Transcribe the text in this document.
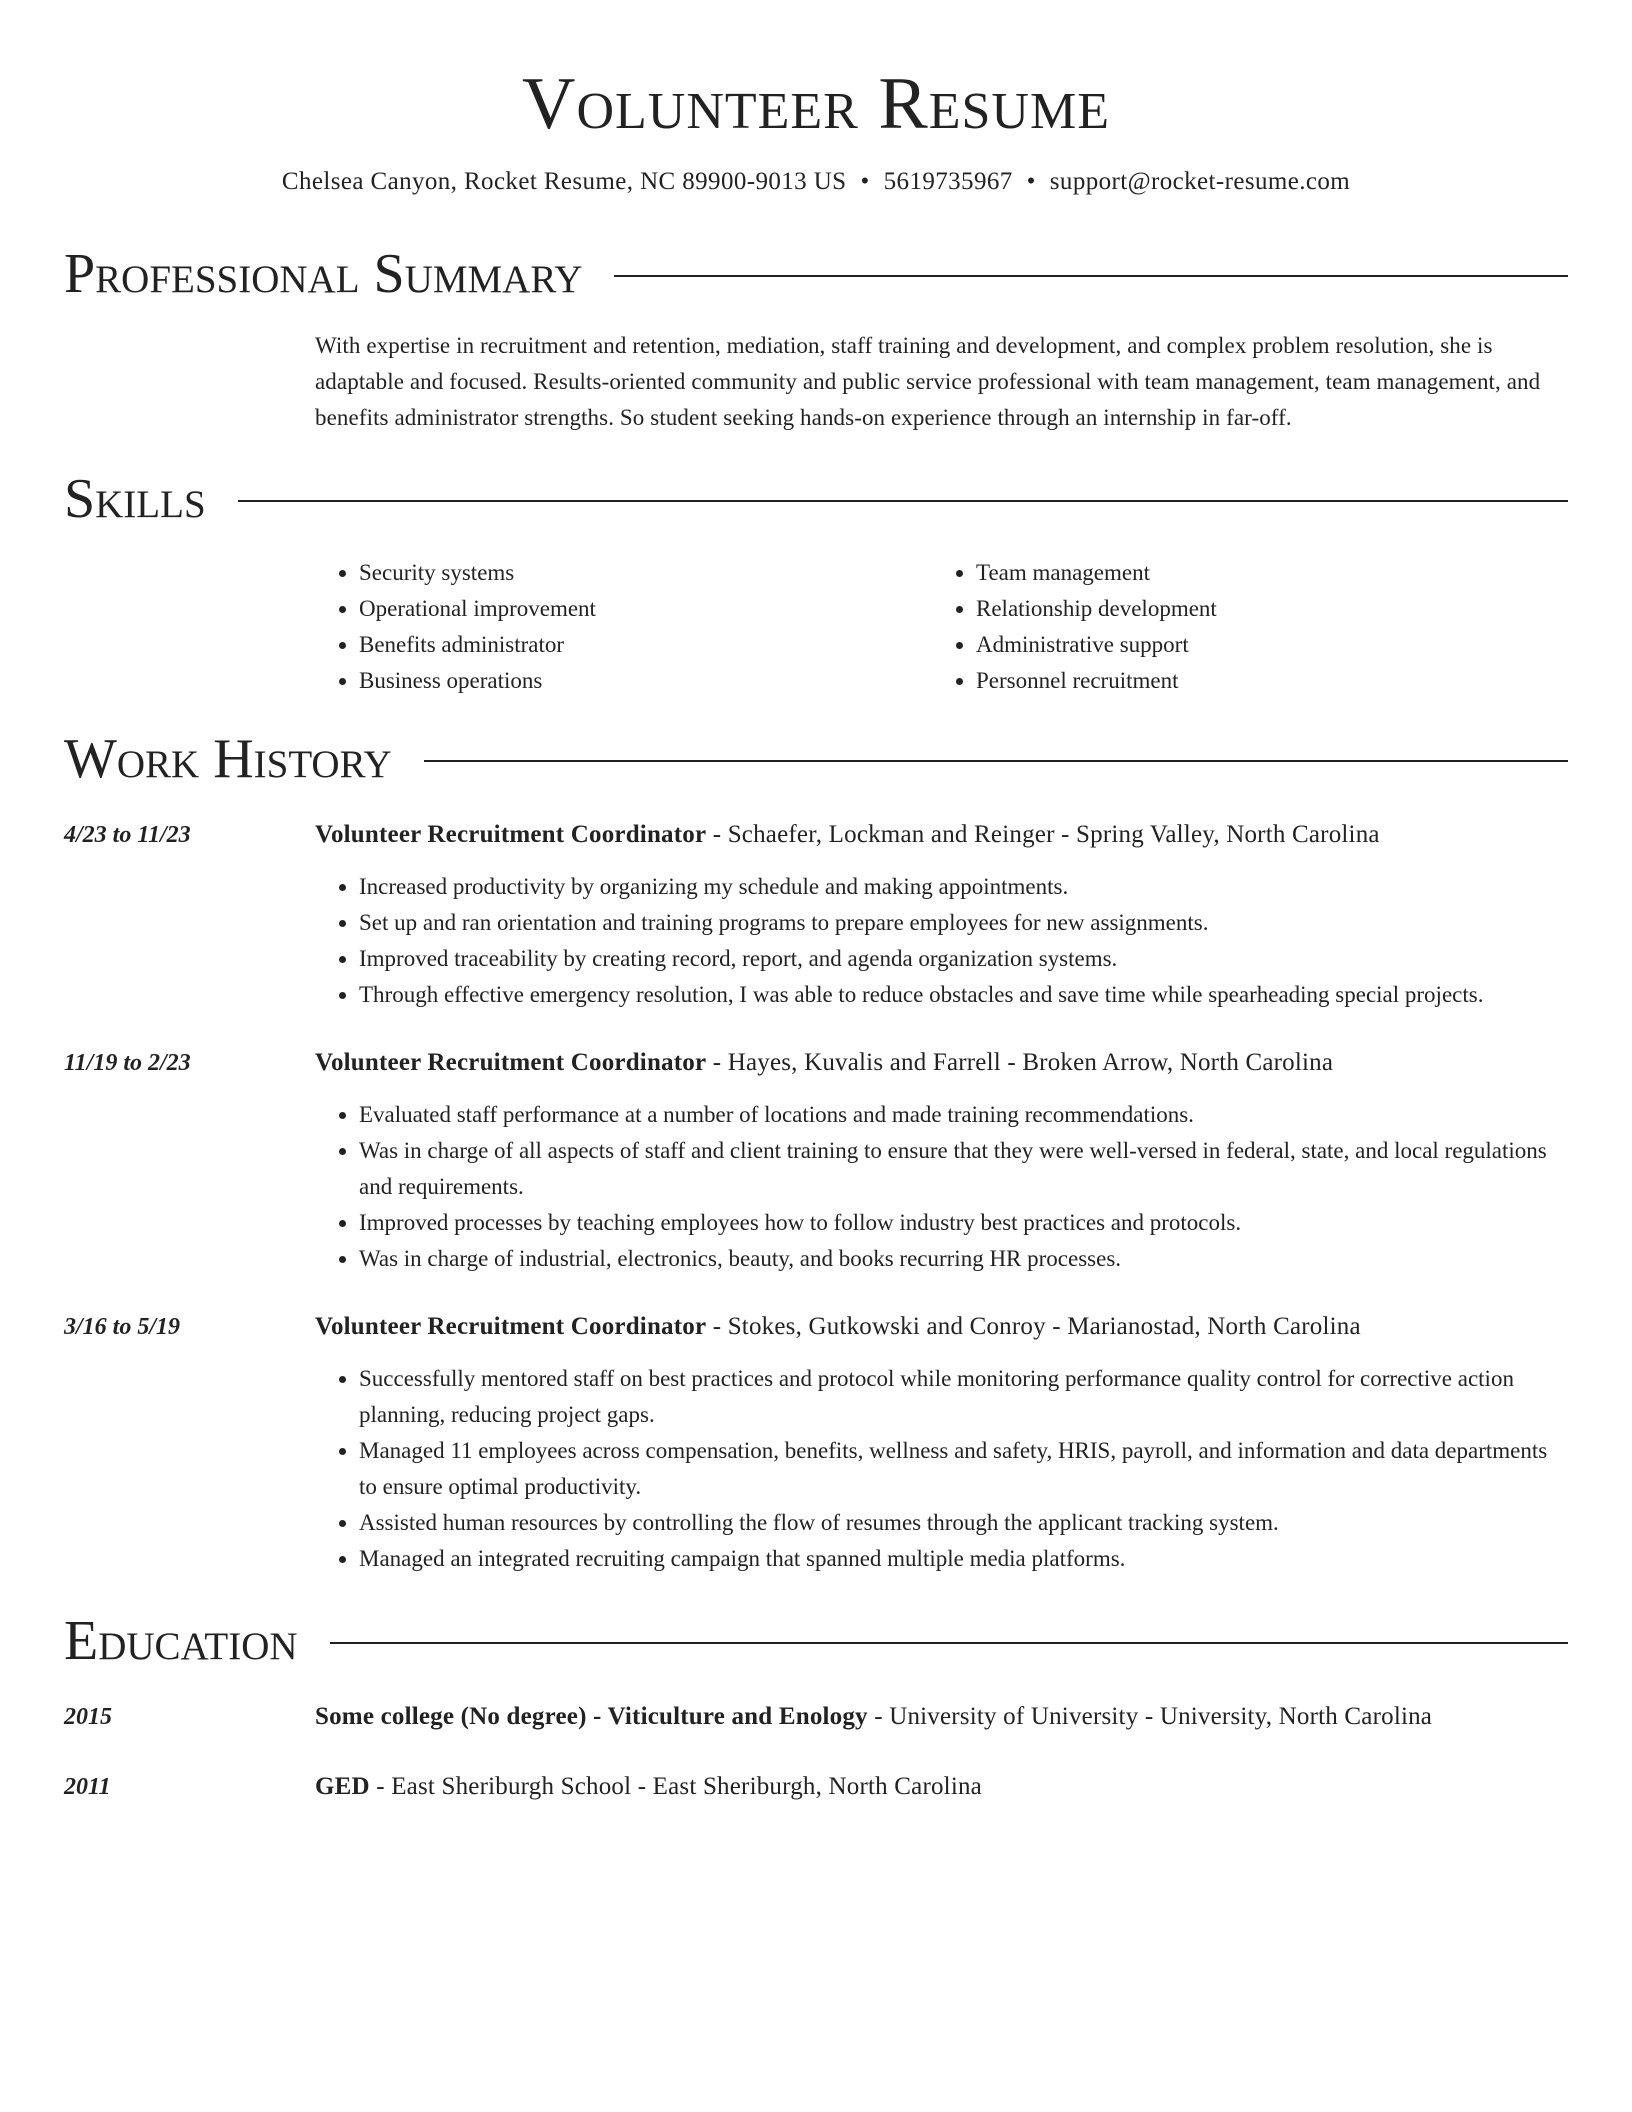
Volunteer Resume
Chelsea Canyon, Rocket Resume, NC 89900-9013 US • 5619735967 • support@rocket-resume.com
Professional Summary
With expertise in recruitment and retention, mediation, staff training and development, and complex problem resolution, she is adaptable and focused. Results-oriented community and public service professional with team management, team management, and benefits administrator strengths. So student seeking hands-on experience through an internship in far-off.
Skills
• Security systems
• Operational improvement
• Benefits administrator
• Business operations
• Team management
• Relationship development
• Administrative support
• Personnel recruitment
Work History
4/23 to 11/23	Volunteer Recruitment Coordinator - Schaefer, Lockman and Reinger - Spring Valley, North Carolina
• Increased productivity by organizing my schedule and making appointments.
• Set up and ran orientation and training programs to prepare employees for new assignments.
• Improved traceability by creating record, report, and agenda organization systems.
• Through effective emergency resolution, I was able to reduce obstacles and save time while spearheading special projects.
11/19 to 2/23	Volunteer Recruitment Coordinator - Hayes, Kuvalis and Farrell - Broken Arrow, North Carolina
• Evaluated staff performance at a number of locations and made training recommendations.
• Was in charge of all aspects of staff and client training to ensure that they were well-versed in federal, state, and local regulations and requirements.
• Improved processes by teaching employees how to follow industry best practices and protocols.
• Was in charge of industrial, electronics, beauty, and books recurring HR processes.
3/16 to 5/19	Volunteer Recruitment Coordinator - Stokes, Gutkowski and Conroy - Marianostad, North Carolina
• Successfully mentored staff on best practices and protocol while monitoring performance quality control for corrective action planning, reducing project gaps.
• Managed 11 employees across compensation, benefits, wellness and safety, HRIS, payroll, and information and data departments to ensure optimal productivity.
• Assisted human resources by controlling the flow of resumes through the applicant tracking system.
• Managed an integrated recruiting campaign that spanned multiple media platforms.
Education
2015	Some college (No degree) - Viticulture and Enology - University of University - University, North Carolina
2011	GED - East Sheriburgh School - East Sheriburgh, North Carolina
